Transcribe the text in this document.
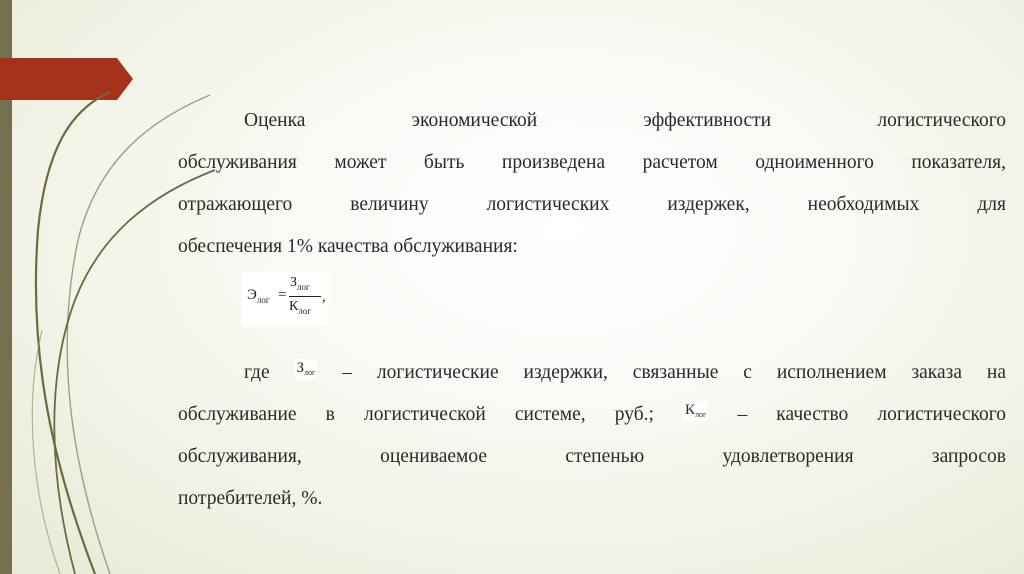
Оценка экономической	эффективности	логистического
обслуживания может быть произведена расчетом одноименного показателя,
отражающего величину логистических издержек, необходимых для
обеспечения 1% качества обслуживания:
где $З_{лог}$ – логистические издержки, связанные с исполнением заказа на
обслуживание в логистической системе, руб.; $К_{лог}$ – качество логистического
обслуживания, оцениваемое степенью удовлетворения запросов
потребителей, %.
$Э_{лог}$ =
$З_{лог}$
$К_{лог}$
,
